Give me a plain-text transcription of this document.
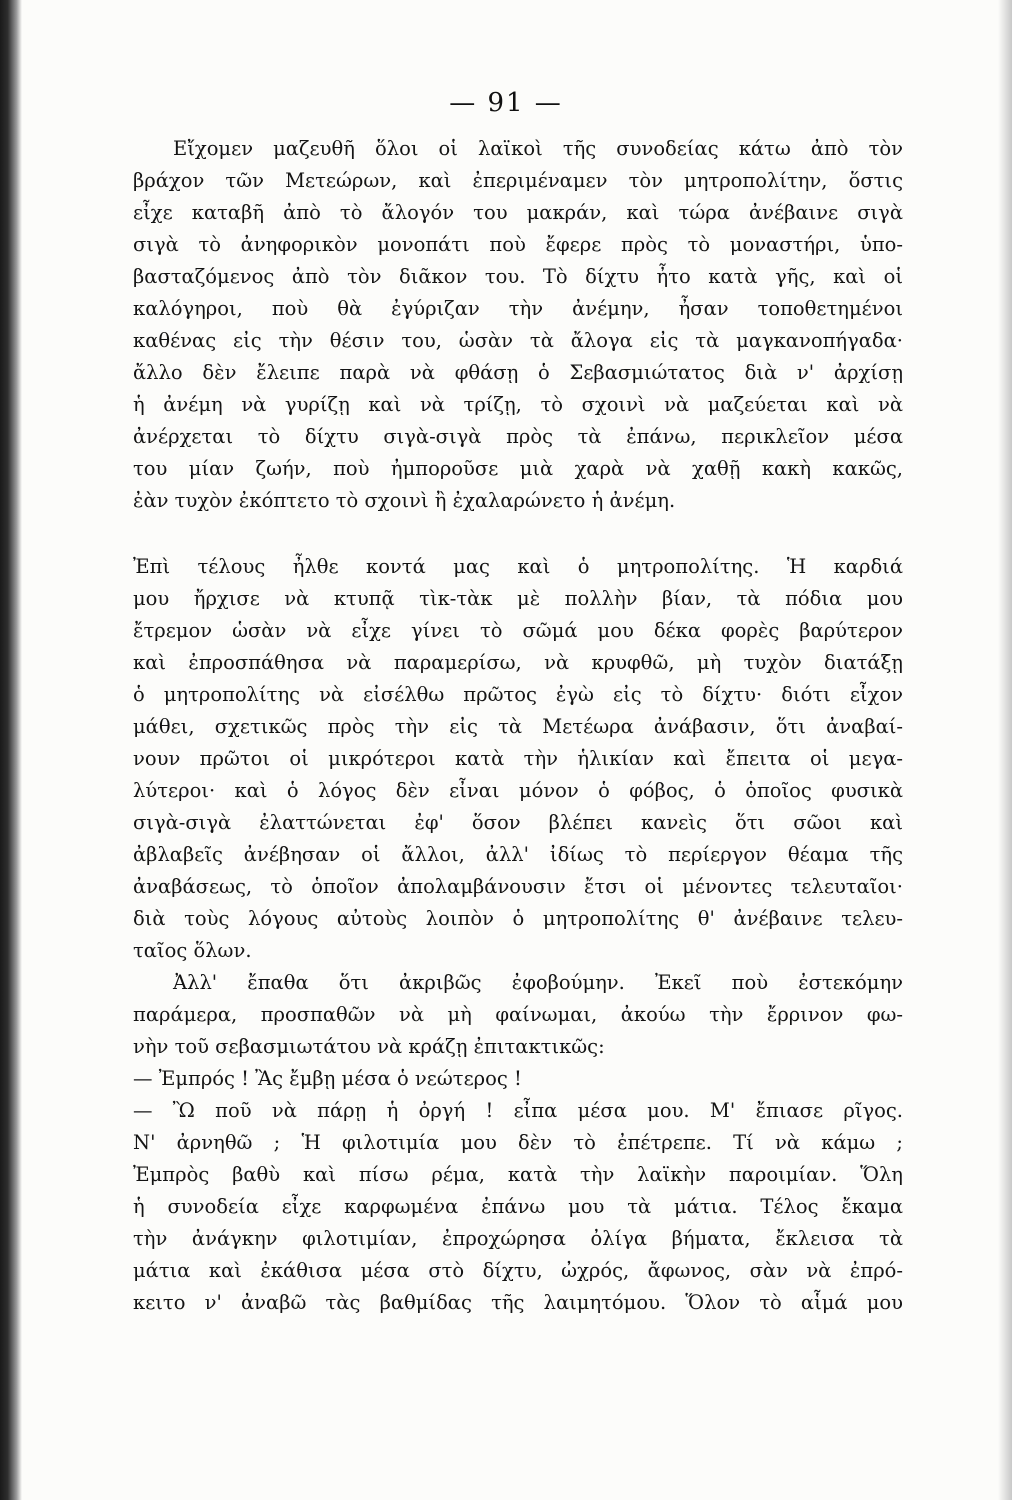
— 91 —
Εἴχομεν μαζευθῆ ὅλοι οἱ λαϊκοὶ τῆς συνοδείας κάτω ἀπὸ τὸν
βράχον τῶν Μετεώρων, καὶ ἐπεριμέναμεν τὸν μητροπολίτην, ὅστις
εἶχε καταβῆ ἀπὸ τὸ ἄλογόν του μακράν, καὶ τώρα ἀνέβαινε σιγὰ
σιγὰ τὸ ἀνηφορικὸν μονοπάτι ποὺ ἔφερε πρὸς τὸ μοναστήρι, ὑπο-
βασταζόμενος ἀπὸ τὸν διᾶκον του. Τὸ δίχτυ ἦτο κατὰ γῆς, καὶ οἱ
καλόγηροι, ποὺ θὰ ἐγύριζαν τὴν ἀνέμην, ἦσαν τοποθετημένοι
καθένας εἰς τὴν θέσιν του, ὡσὰν τὰ ἄλογα εἰς τὰ μαγκανοπήγαδα·
ἄλλο δὲν ἔλειπε παρὰ νὰ φθάσῃ ὁ Σεβασμιώτατος διὰ ν' ἀρχίσῃ
ἡ ἀνέμη νὰ γυρίζῃ καὶ νὰ τρίζῃ, τὸ σχοινὶ νὰ μαζεύεται καὶ νὰ
ἀνέρχεται τὸ δίχτυ σιγὰ-σιγὰ πρὸς τὰ ἐπάνω, περικλεῖον μέσα
του μίαν ζωήν, ποὺ ἠμποροῦσε μιὰ χαρὰ νὰ χαθῇ κακὴ κακῶς,
ἐὰν τυχὸν ἐκόπτετο τὸ σχοινὶ ἢ ἐχαλαρώνετο ἡ ἀνέμη.
Ἐπὶ τέλους ἦλθε κοντά μας καὶ ὁ μητροπολίτης. Ἡ καρδιά
μου ἤρχισε νὰ κτυπᾷ τὶκ-τὰκ μὲ πολλὴν βίαν, τὰ πόδια μου
ἔτρεμον ὡσὰν νὰ εἶχε γίνει τὸ σῶμά μου δέκα φορὲς βαρύτερον
καὶ ἐπροσπάθησα νὰ παραμερίσω, νὰ κρυφθῶ, μὴ τυχὸν διατάξῃ
ὁ μητροπολίτης νὰ εἰσέλθω πρῶτος ἐγὼ εἰς τὸ δίχτυ· διότι εἶχον
μάθει, σχετικῶς πρὸς τὴν εἰς τὰ Μετέωρα ἀνάβασιν, ὅτι ἀναβαί-
νουν πρῶτοι οἱ μικρότεροι κατὰ τὴν ἡλικίαν καὶ ἔπειτα οἱ μεγα-
λύτεροι· καὶ ὁ λόγος δὲν εἶναι μόνον ὁ φόβος, ὁ ὁποῖος φυσικὰ
σιγὰ-σιγὰ ἐλαττώνεται ἐφ' ὅσον βλέπει κανεὶς ὅτι σῶοι καὶ
ἀβλαβεῖς ἀνέβησαν οἱ ἄλλοι, ἀλλ' ἰδίως τὸ περίεργον θέαμα τῆς
ἀναβάσεως, τὸ ὁποῖον ἀπολαμβάνουσιν ἔτσι οἱ μένοντες τελευταῖοι·
διὰ τοὺς λόγους αὐτοὺς λοιπὸν ὁ μητροπολίτης θ' ἀνέβαινε τελευ-
ταῖος ὅλων.
Ἀλλ' ἔπαθα ὅτι ἀκριβῶς ἐφοβούμην. Ἐκεῖ ποὺ ἐστεκόμην
παράμερα, προσπαθῶν νὰ μὴ φαίνωμαι, ἀκούω τὴν ἔρρινον φω-
νὴν τοῦ σεβασμιωτάτου νὰ κράζῃ ἐπιτακτικῶς:
— Ἐμπρός ! Ἂς ἔμβῃ μέσα ὁ νεώτερος !
— Ὢ ποῦ νὰ πάρῃ ἡ ὀργή ! εἶπα μέσα μου. Μ' ἔπιασε ρῖγος.
Ν' ἀρνηθῶ ; Ἡ φιλοτιμία μου δὲν τὸ ἐπέτρεπε. Τί νὰ κάμω ;
Ἐμπρὸς βαθὺ καὶ πίσω ρέμα, κατὰ τὴν λαϊκὴν παροιμίαν. Ὅλη
ἡ συνοδεία εἶχε καρφωμένα ἐπάνω μου τὰ μάτια. Τέλος ἔκαμα
τὴν ἀνάγκην φιλοτιμίαν, ἐπροχώρησα ὀλίγα βήματα, ἔκλεισα τὰ
μάτια καὶ ἐκάθισα μέσα στὸ δίχτυ, ὠχρός, ἄφωνος, σὰν νὰ ἐπρό-
κειτο ν' ἀναβῶ τὰς βαθμίδας τῆς λαιμητόμου. Ὅλον τὸ αἷμά μου
